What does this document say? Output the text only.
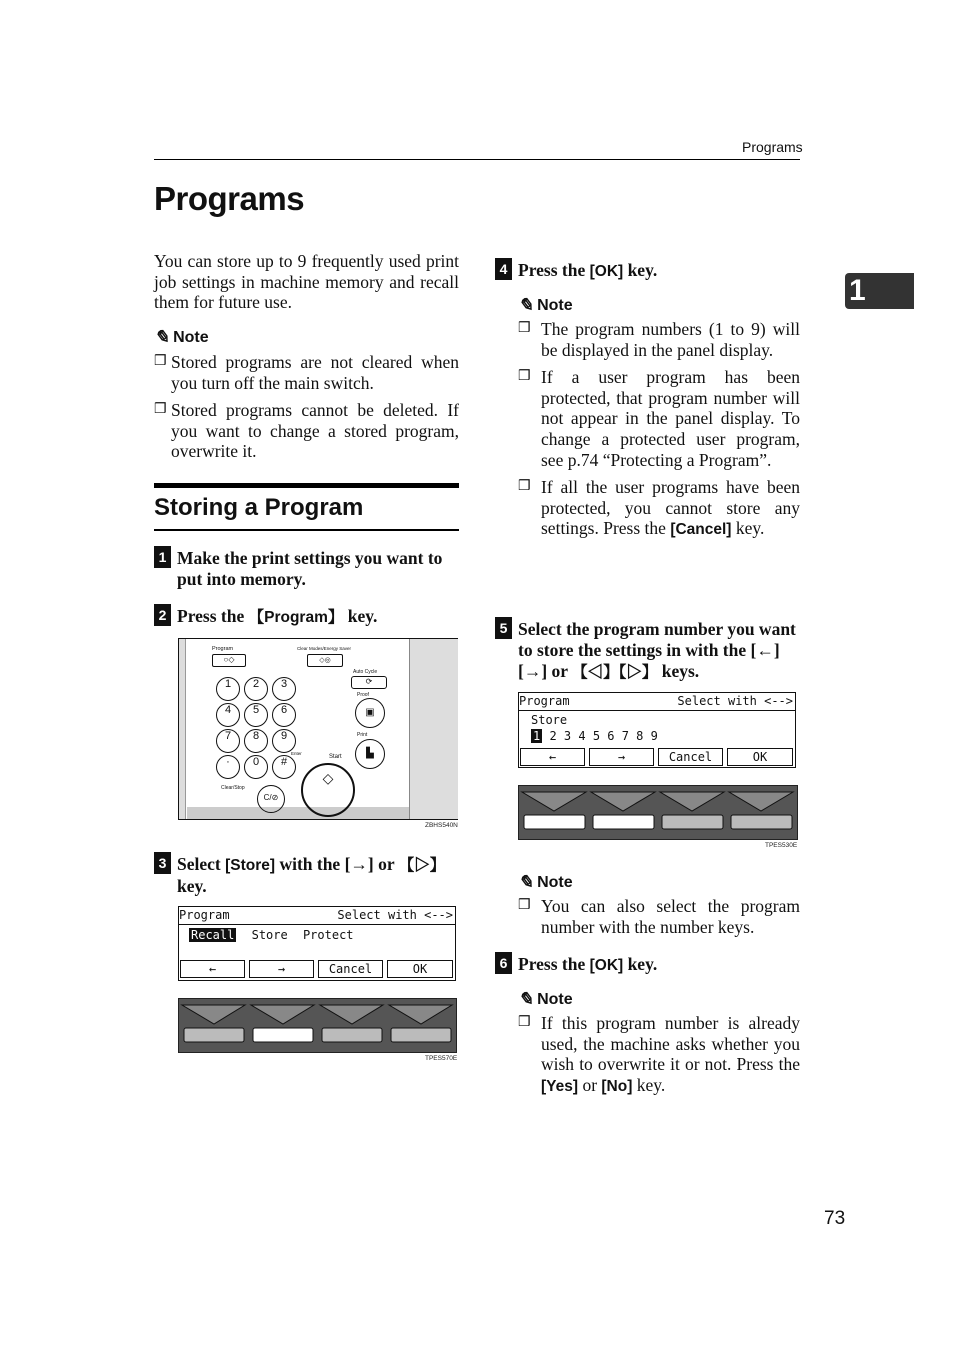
Programs
Programs
1
You can store up to 9 frequently used print job settings in machine memory and recall them for future use.
✎ Note
❒ Stored programs are not cleared when you turn off the main switch.
❒ Stored programs cannot be deleted. If you want to change a stored program, overwrite it.
Storing a Program
1 Make the print settings you want to put into memory.
2 Press the 【Program】 key.
Program
○◇
Clear Modes/Energy Saver
◇◎
Auto Cycle
⟳
Proof
▣
Print
▙
Start
◇
Enter
Clear/Stop
C/⊘
1	2	3
4	5	6
7	8	9
·	0	#
ZBHS540N
3 Select [Store] with the [→] or 【▷】 key.
Program	Select with <-->
Recall Store Protect
←	→	Cancel	OK
TPES570E
4 Press the [OK] key.
✎ Note
❒ The program numbers (1 to 9) will be displayed in the panel display.
❒ If a user program has been protected, that program number will not appear in the panel display. To change a protected user program, see p.74 “Protecting a Program”.
❒ If all the user programs have been protected, you cannot store any settings. Press the [Cancel] key.
5 Select the program number you want to store the settings in with the [←] [→] or 【◁】【▷】 keys.
Program	Select with <-->
Store
1 2 3 4 5 6 7 8 9
←	→	Cancel	OK
TPES530E
✎ Note
❒ You can also select the program number with the number keys.
6 Press the [OK] key.
✎ Note
❒ If this program number is already used, the machine asks whether you wish to overwrite it or not. Press the [Yes] or [No] key.
73
